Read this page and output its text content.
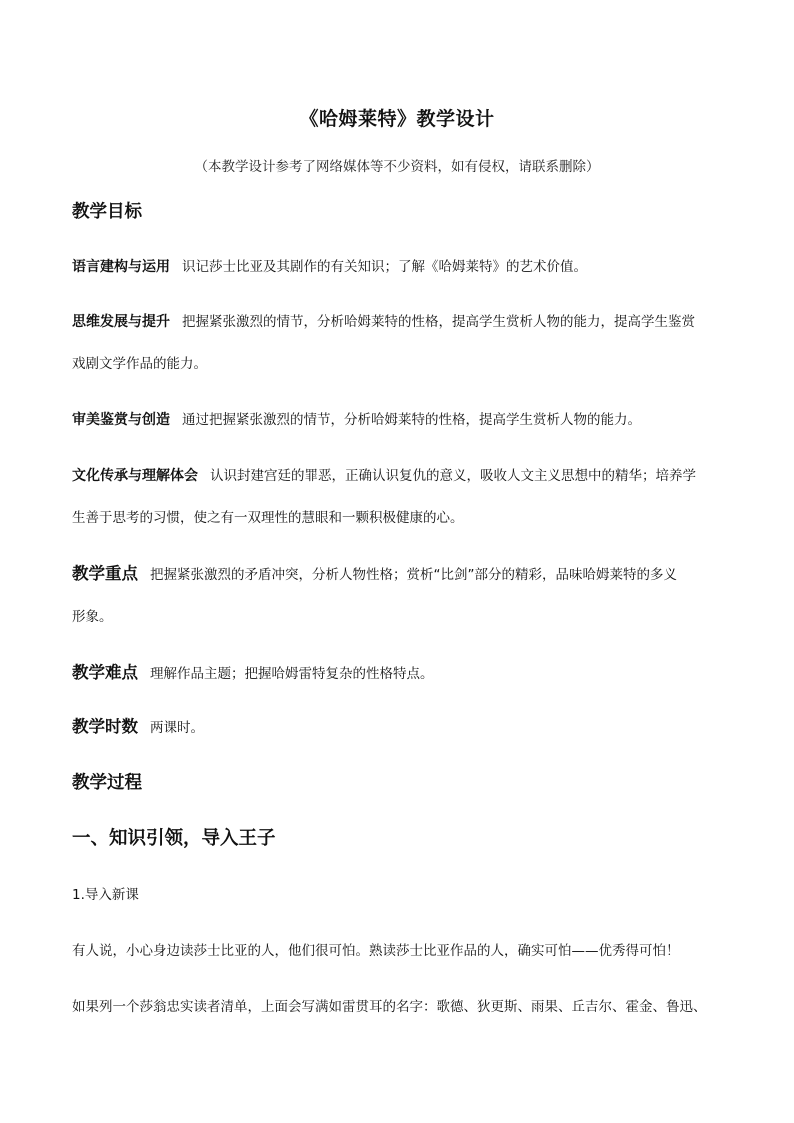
《哈姆莱特》教学设计
（本教学设计参考了网络媒体等不少资料，如有侵权，请联系删除）
教学目标
语言建构与运用 识记莎士比亚及其剧作的有关知识；了解《哈姆莱特》的艺术价值。
思维发展与提升 把握紧张激烈的情节，分析哈姆莱特的性格，提高学生赏析人物的能力，提高学生鉴赏
戏剧文学作品的能力。
审美鉴赏与创造 通过把握紧张激烈的情节，分析哈姆莱特的性格，提高学生赏析人物的能力。
文化传承与理解体会 认识封建宫廷的罪恶，正确认识复仇的意义，吸收人文主义思想中的精华；培养学
生善于思考的习惯，使之有一双理性的慧眼和一颗积极健康的心。
教学重点 把握紧张激烈的矛盾冲突，分析人物性格；赏析“比剑”部分的精彩，品味哈姆莱特的多义
形象。
教学难点 理解作品主题；把握哈姆雷特复杂的性格特点。
教学时数 两课时。
教学过程
一、知识引领，导入王子
1.导入新课
有人说，小心身边读莎士比亚的人，他们很可怕。熟读莎士比亚作品的人，确实可怕——优秀得可怕！
如果列一个莎翁忠实读者清单，上面会写满如雷贯耳的名字：歌德、狄更斯、雨果、丘吉尔、霍金、鲁迅、
